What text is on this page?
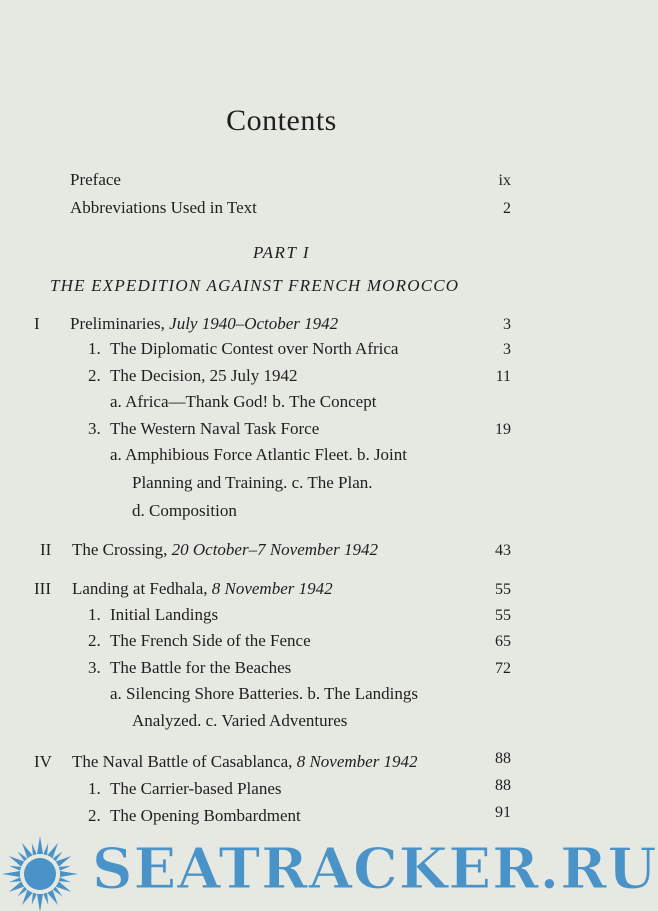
Contents
Preface	ix
Abbreviations Used in Text	2
PART I
THE EXPEDITION AGAINST FRENCH MOROCCO
I Preliminaries, July 1940–October 1942	3
1. The Diplomatic Contest over North Africa	3
2. The Decision, 25 July 1942	11
a. Africa—Thank God! b. The Concept
3. The Western Naval Task Force	19
a. Amphibious Force Atlantic Fleet. b. Joint
Planning and Training. c. The Plan.
d. Composition
II The Crossing, 20 October–7 November 1942	43
III Landing at Fedhala, 8 November 1942	55
1. Initial Landings	55
2. The French Side of the Fence	65
3. The Battle for the Beaches	72
a. Silencing Shore Batteries. b. The Landings
Analyzed. c. Varied Adventures
IV The Naval Battle of Casablanca, 8 November 1942	88
1. The Carrier-based Planes	88
2. The Opening Bombardment	91
SEATRACKER.RU
